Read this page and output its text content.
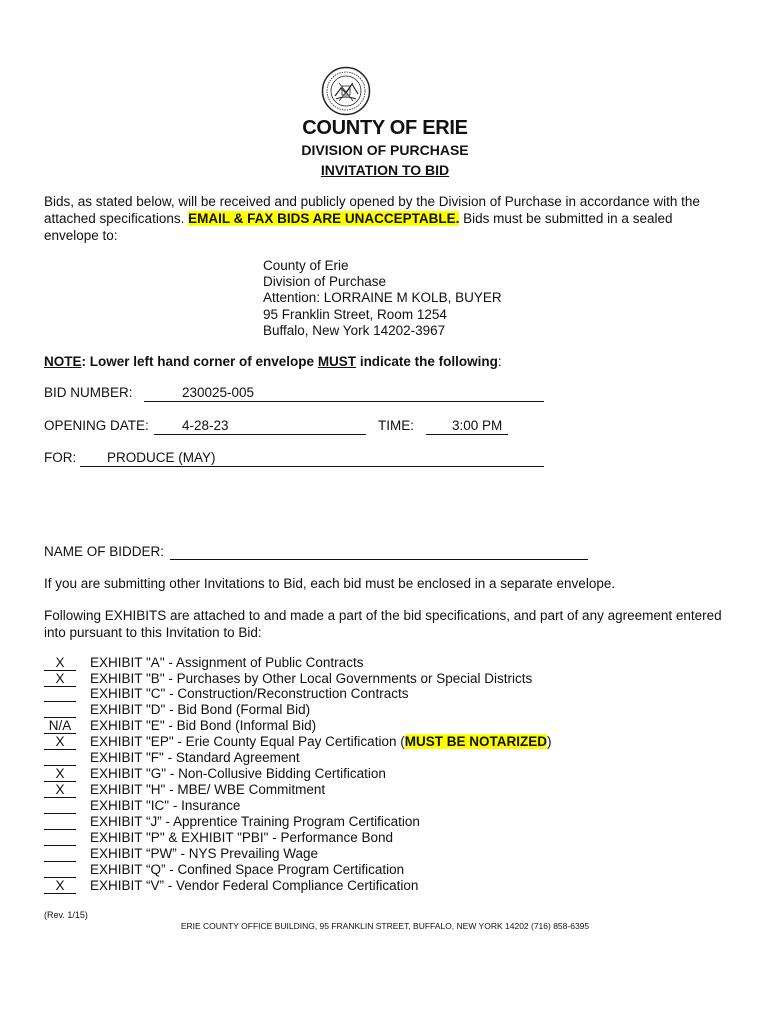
COUNTY OF ERIE
DIVISION OF PURCHASE
INVITATION TO BID
Bids, as stated below, will be received and publicly opened by the Division of Purchase in accordance with the attached specifications. EMAIL & FAX BIDS ARE UNACCEPTABLE. Bids must be submitted in a sealed envelope to:
County of Erie
Division of Purchase
Attention: LORRAINE M KOLB, BUYER
95 Franklin Street, Room 1254
Buffalo, New York 14202-3967
NOTE: Lower left hand corner of envelope MUST indicate the following:
BID NUMBER:	230025-005
OPENING DATE: 4-28-23	TIME:	3:00 PM
FOR: PRODUCE (MAY)
NAME OF BIDDER:
If you are submitting other Invitations to Bid, each bid must be enclosed in a separate envelope.
Following EXHIBITS are attached to and made a part of the bid specifications, and part of any agreement entered into pursuant to this Invitation to Bid:
X	EXHIBIT "A" - Assignment of Public Contracts
X	EXHIBIT "B" - Purchases by Other Local Governments or Special Districts
EXHIBIT "C" - Construction/Reconstruction Contracts
EXHIBIT "D" - Bid Bond (Formal Bid)
N/A	EXHIBIT "E" - Bid Bond (Informal Bid)
X	EXHIBIT "EP" - Erie County Equal Pay Certification (MUST BE NOTARIZED)
EXHIBIT "F" - Standard Agreement
X	EXHIBIT "G" - Non-Collusive Bidding Certification
X	EXHIBIT "H" - MBE/ WBE Commitment
EXHIBIT "IC" - Insurance
EXHIBIT “J” - Apprentice Training Program Certification
EXHIBIT "P" & EXHIBIT "PBI" - Performance Bond
EXHIBIT “PW” - NYS Prevailing Wage
EXHIBIT “Q” - Confined Space Program Certification
X	EXHIBIT “V” - Vendor Federal Compliance Certification
(Rev. 1/15)
ERIE COUNTY OFFICE BUILDING, 95 FRANKLIN STREET, BUFFALO, NEW YORK 14202 (716) 858-6395
